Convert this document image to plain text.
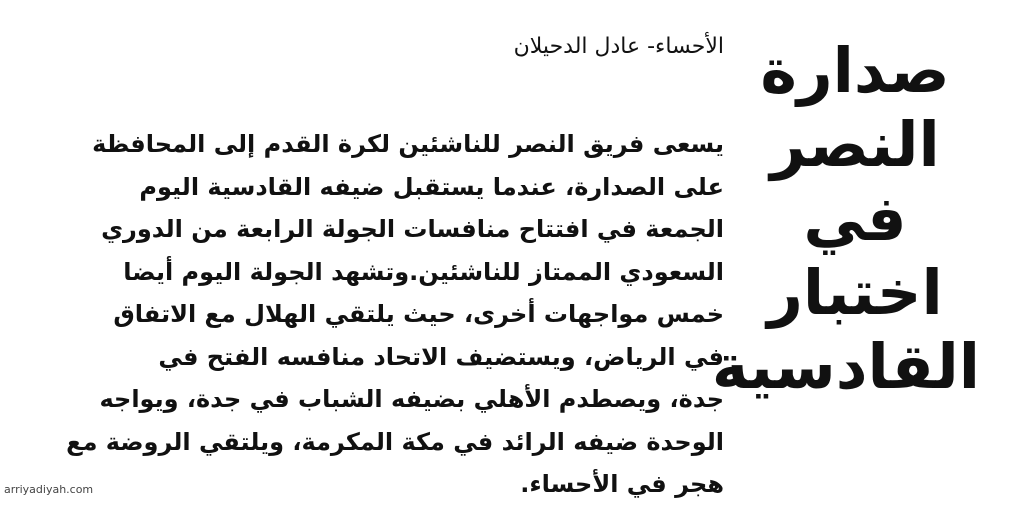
صدارة
النصر
في
اختبار
القادسية
الأحساء- عادل الدحيلان
يسعى فريق النصر للناشئين لكرة القدم إلى المحافظة
على الصدارة، عندما يستقبل ضيفه القادسية اليوم
الجمعة في افتتاح منافسات الجولة الرابعة من الدوري
السعودي الممتاز للناشئين.وتشهد الجولة اليوم أيضا
خمس مواجهات أخرى، حيث يلتقي الهلال مع الاتفاق
في الرياض، ويستضيف الاتحاد منافسه الفتح في
جدة، ويصطدم الأهلي بضيفه الشباب في جدة، ويواجه
الوحدة ضيفه الرائد في مكة المكرمة، ويلتقي الروضة مع
هجر في الأحساء.
arriyadiyah.com
